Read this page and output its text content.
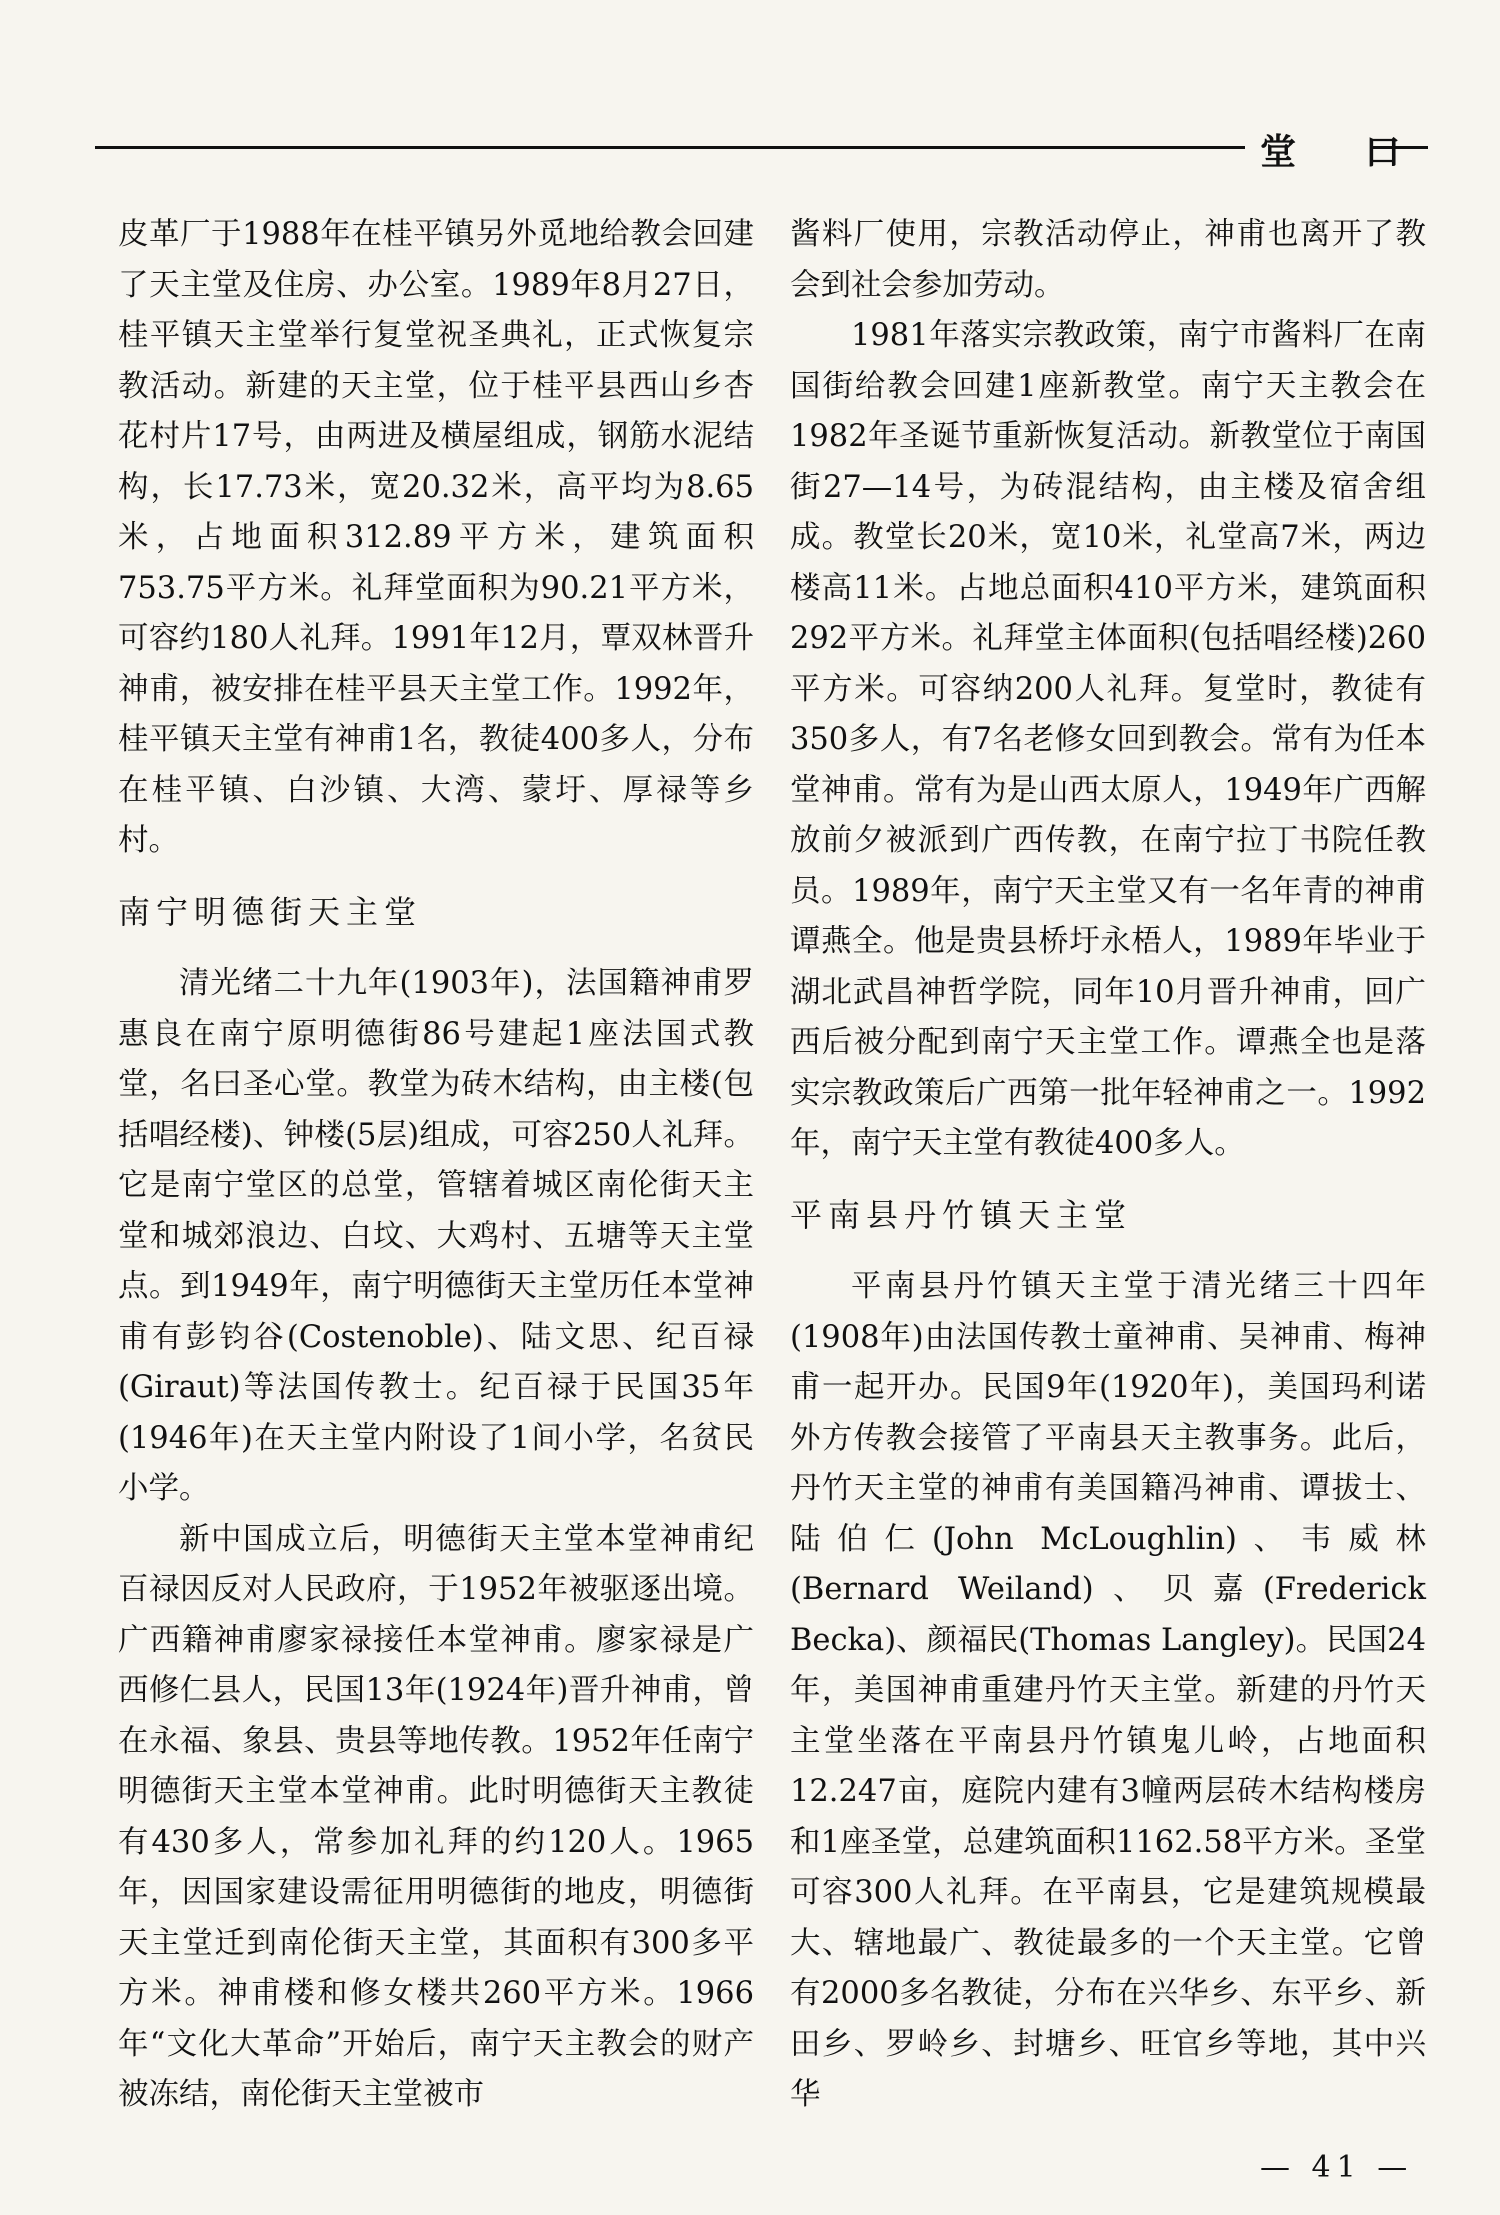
堂 口

皮革厂于1988年在桂平镇另外觅地给教会回建了天主堂及住房、办公室。1989年8月27日，桂平镇天主堂举行复堂祝圣典礼，正式恢复宗教活动。新建的天主堂，位于桂平县西山乡杏花村片17号，由两进及横屋组成，钢筋水泥结构，长17.73米，宽20.32米，高平均为8.65米，占地面积312.89平方米，建筑面积753.75平方米。礼拜堂面积为90.21平方米，可容约180人礼拜。1991年12月，覃双林晋升神甫，被安排在桂平县天主堂工作。1992年，桂平镇天主堂有神甫1名，教徒400多人，分布在桂平镇、白沙镇、大湾、蒙圩、厚禄等乡村。

南宁明德街天主堂

清光绪二十九年(1903年)，法国籍神甫罗惠良在南宁原明德街86号建起1座法国式教堂，名曰圣心堂。教堂为砖木结构，由主楼(包括唱经楼)、钟楼(5层)组成，可容250人礼拜。它是南宁堂区的总堂，管辖着城区南伦街天主堂和城郊浪边、白坟、大鸡村、五塘等天主堂点。到1949年，南宁明德街天主堂历任本堂神甫有彭钧谷(Costenoble)、陆文思、纪百禄(Giraut)等法国传教士。纪百禄于民国35年(1946年)在天主堂内附设了1间小学，名贫民小学。

新中国成立后，明德街天主堂本堂神甫纪百禄因反对人民政府，于1952年被驱逐出境。广西籍神甫廖家禄接任本堂神甫。廖家禄是广西修仁县人，民国13年(1924年)晋升神甫，曾在永福、象县、贵县等地传教。1952年任南宁明德街天主堂本堂神甫。此时明德街天主教徒有430多人，常参加礼拜的约120人。1965年，因国家建设需征用明德街的地皮，明德街天主堂迁到南伦街天主堂，其面积有300多平方米。神甫楼和修女楼共260平方米。1966年“文化大革命”开始后，南宁天主教会的财产被冻结，南伦街天主堂被市

酱料厂使用，宗教活动停止，神甫也离开了教会到社会参加劳动。

1981年落实宗教政策，南宁市酱料厂在南国街给教会回建1座新教堂。南宁天主教会在1982年圣诞节重新恢复活动。新教堂位于南国街27—14号，为砖混结构，由主楼及宿舍组成。教堂长20米，宽10米，礼堂高7米，两边楼高11米。占地总面积410平方米，建筑面积292平方米。礼拜堂主体面积(包括唱经楼)260平方米。可容纳200人礼拜。复堂时，教徒有350多人，有7名老修女回到教会。常有为任本堂神甫。常有为是山西太原人，1949年广西解放前夕被派到广西传教，在南宁拉丁书院任教员。1989年，南宁天主堂又有一名年青的神甫谭燕全。他是贵县桥圩永梧人，1989年毕业于湖北武昌神哲学院，同年10月晋升神甫，回广西后被分配到南宁天主堂工作。谭燕全也是落实宗教政策后广西第一批年轻神甫之一。1992年，南宁天主堂有教徒400多人。

平南县丹竹镇天主堂

平南县丹竹镇天主堂于清光绪三十四年(1908年)由法国传教士童神甫、吴神甫、梅神甫一起开办。民国9年(1920年)，美国玛利诺外方传教会接管了平南县天主教事务。此后，丹竹天主堂的神甫有美国籍冯神甫、谭拔士、陆伯仁(John McLoughlin)、韦威林(Bernard Weiland)、贝嘉(Frederick Becka)、颜福民(Thomas Langley)。民国24年，美国神甫重建丹竹天主堂。新建的丹竹天主堂坐落在平南县丹竹镇鬼儿岭，占地面积12.247亩，庭院内建有3幢两层砖木结构楼房和1座圣堂，总建筑面积1162.58平方米。圣堂可容300人礼拜。在平南县，它是建筑规模最大、辖地最广、教徒最多的一个天主堂。它曾有2000多名教徒，分布在兴华乡、东平乡、新田乡、罗岭乡、封塘乡、旺官乡等地，其中兴华

— 41 —
